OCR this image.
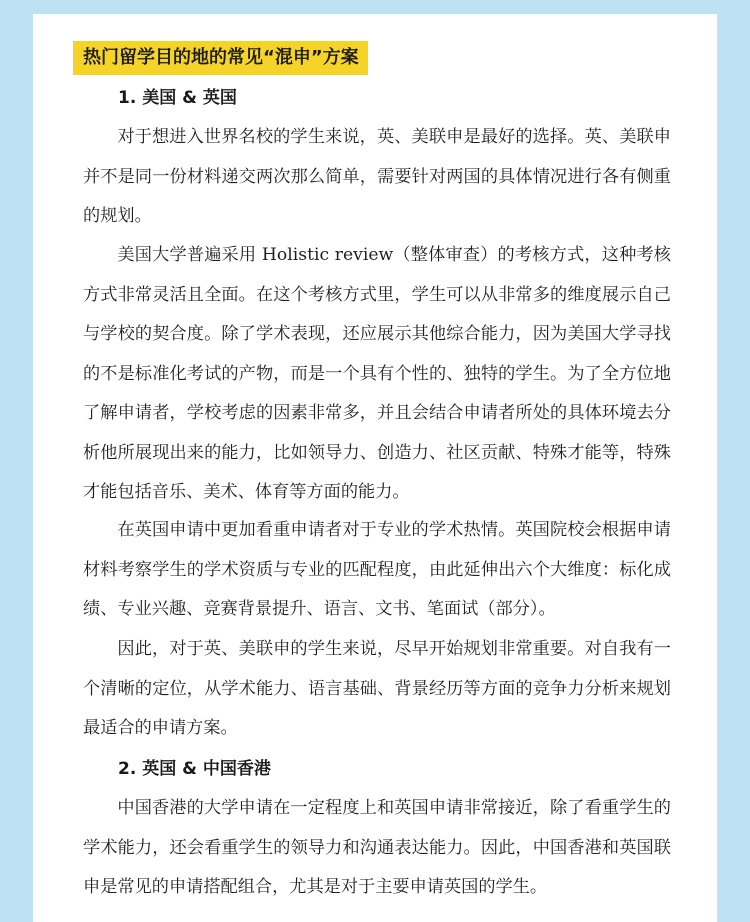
热门留学目的地的常见“混申”方案
1. 美国 & 英国

对于想进入世界名校的学生来说，英、美联申是最好的选择。英、美联申并不是同一份材料递交两次那么简单，需要针对两国的具体情况进行各有侧重的规划。

美国大学普遍采用 Holistic review（整体审查）的考核方式，这种考核方式非常灵活且全面。在这个考核方式里，学生可以从非常多的维度展示自己与学校的契合度。除了学术表现，还应展示其他综合能力，因为美国大学寻找的不是标准化考试的产物，而是一个具有个性的、独特的学生。为了全方位地了解申请者，学校考虑的因素非常多，并且会结合申请者所处的具体环境去分析他所展现出来的能力，比如领导力、创造力、社区贡献、特殊才能等，特殊才能包括音乐、美术、体育等方面的能力。

在英国申请中更加看重申请者对于专业的学术热情。英国院校会根据申请材料考察学生的学术资质与专业的匹配程度，由此延伸出六个大维度：标化成绩、专业兴趣、竞赛背景提升、语言、文书、笔面试（部分）。

因此，对于英、美联申的学生来说，尽早开始规划非常重要。对自我有一个清晰的定位，从学术能力、语言基础、背景经历等方面的竞争力分析来规划最适合的申请方案。

2. 英国 & 中国香港

中国香港的大学申请在一定程度上和英国申请非常接近，除了看重学生的学术能力，还会看重学生的领导力和沟通表达能力。因此，中国香港和英国联申是常见的申请搭配组合，尤其是对于主要申请英国的学生。
